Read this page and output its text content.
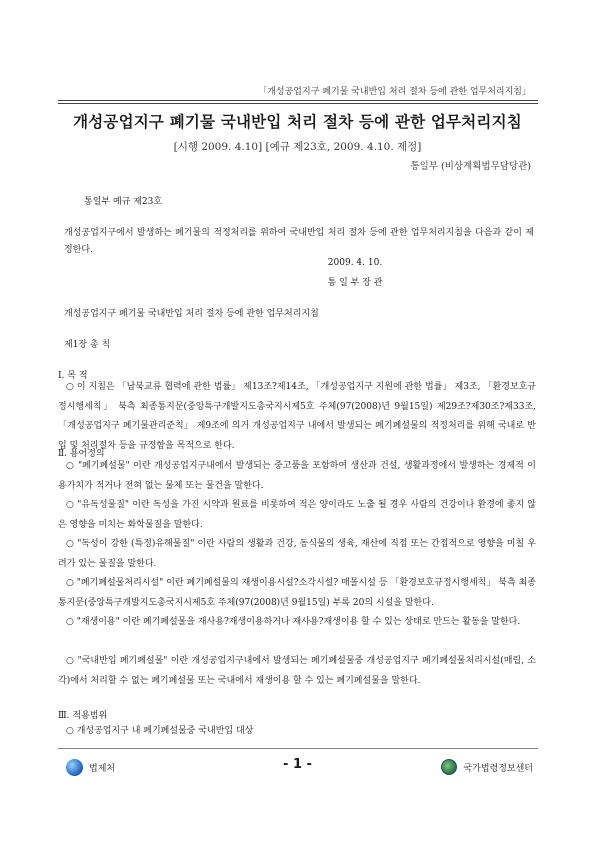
「개성공업지구 폐기물 국내반입 처리 절차 등에 관한 업무처리지침」
개성공업지구 폐기물 국내반입 처리 절차 등에 관한 업무처리지침
[시행 2009. 4.10] [예규 제23호, 2009. 4.10. 제정]
통일부 (비상계획법무담당관)
통일부 예규 제23호
개성공업지구에서 발생하는 폐기물의 적정처리를 위하여 국내반입 처리 절차 등에 관한 업무처리지침을 다음과 같이 제정한다.
2009. 4. 10.
통 일 부 장 관
개성공업지구 폐기물 국내반입 처리 절차 등에 관한 업무처리지침
제1장 총 칙
Ⅰ. 목 적
○ 이 지침은 「남북교류 협력에 관한 법률」 제13조?제14조, 「개성공업지구 지원에 관한 법률」 제3조, 「환경보호규정시행세칙」 북측 최종통지문(중앙특구개발지도총국지시제5호 주체(97(2008)년 9월15일) 제29조?제30조?제33조, 「개성공업지구 폐기물관리준칙」 제9조에 의거 개성공업지구 내에서 발생되는 폐기폐설물의 적정처리를 위해 국내로 반입 및 처리절차 등을 규정함을 목적으로 한다.
Ⅱ. 용어정의
○ "폐기폐설물" 이란 개성공업지구내에서 발생되는 중고품을 포함하여 생산과 건설, 생활과정에서 발생하는 경제적 이용가치가 적거나 전혀 없는 물체 또는 물건을 말한다.
○ "유독성물질" 이란 독성을 가진 시약과 원료를 비롯하여 적은 양이라도 노출 될 경우 사람의 건강이나 환경에 좋지 않은 영향을 미치는 화학물질을 말한다.
○ "독성이 강한 (특정)유해물질" 이란 사람의 생활과 건강, 동식물의 생육, 재산에 직접 또는 간접적으로 영향을 미칠 우려가 있는 물질을 말한다.
○ "폐기폐설물처리시설" 이란 폐기폐설물의 재생이용시설?소각시설? 매몰시설 등 「환경보호규정시행세칙」 북측 최종통지문(중앙특구개발지도총국지시제5호 주체(97(2008)년 9월15일) 부록 20의 시설을 말한다.
○ "재생이용" 이란 폐기폐설물을 재사용?재생이용하거나 재사용?재생이용 할 수 있는 상태로 만드는 활동을 말한다.
○ "국내반입 폐기폐설물" 이란 개성공업지구내에서 발생되는 폐기폐설물중 개성공업지구 폐기폐설물처리시설(매립, 소각)에서 처리할 수 없는 폐기폐설물 또는 국내에서 재생이용 할 수 있는 폐기폐설물을 말한다.
Ⅲ. 적용범위
○ 개성공업지구 내 폐기폐설물중 국내반입 대상
법제처	- 1 -	국가법령정보센터
